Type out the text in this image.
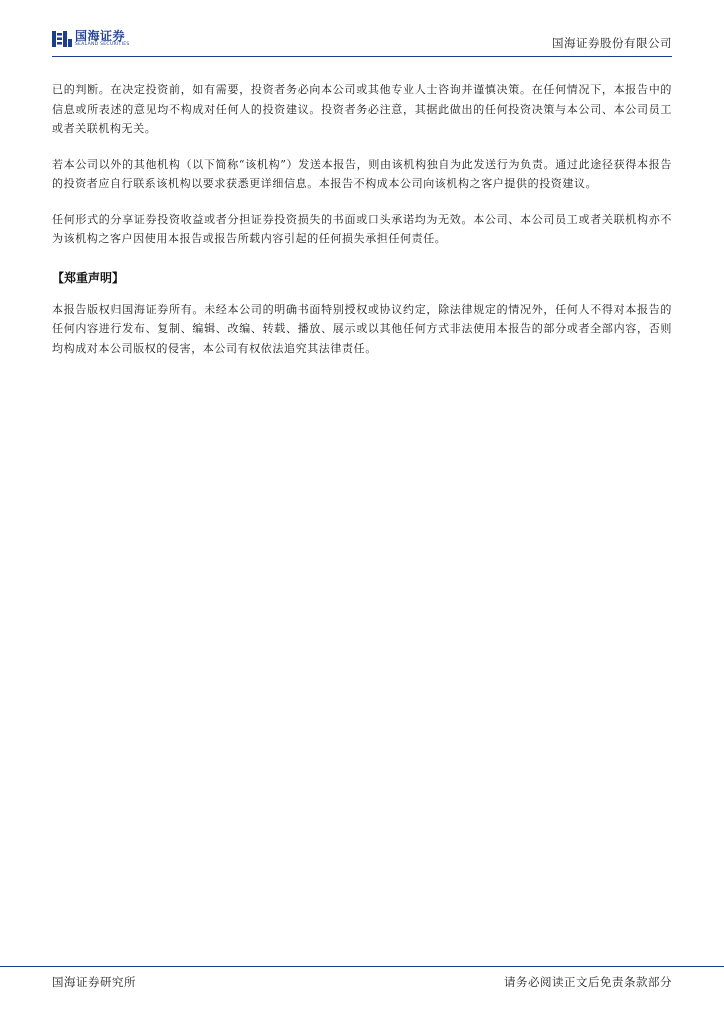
国海证券
SEALAND SECURITIES	国海证券股份有限公司

已的判断。在决定投资前，如有需要，投资者务必向本公司或其他专业人士咨询并谨慎决策。在任何情况下，本报告中的信息或所表述的意见均不构成对任何人的投资建议。投资者务必注意，其据此做出的任何投资决策与本公司、本公司员工或者关联机构无关。

若本公司以外的其他机构（以下简称“该机构”）发送本报告，则由该机构独自为此发送行为负责。通过此途径获得本报告的投资者应自行联系该机构以要求获悉更详细信息。本报告不构成本公司向该机构之客户提供的投资建议。

任何形式的分享证券投资收益或者分担证券投资损失的书面或口头承诺均为无效。本公司、本公司员工或者关联机构亦不为该机构之客户因使用本报告或报告所载内容引起的任何损失承担任何责任。

【郑重声明】

本报告版权归国海证券所有。未经本公司的明确书面特别授权或协议约定，除法律规定的情况外，任何人不得对本报告的任何内容进行发布、复制、编辑、改编、转载、播放、展示或以其他任何方式非法使用本报告的部分或者全部内容，否则均构成对本公司版权的侵害，本公司有权依法追究其法律责任。

国海证券研究所	请务必阅读正文后免责条款部分
